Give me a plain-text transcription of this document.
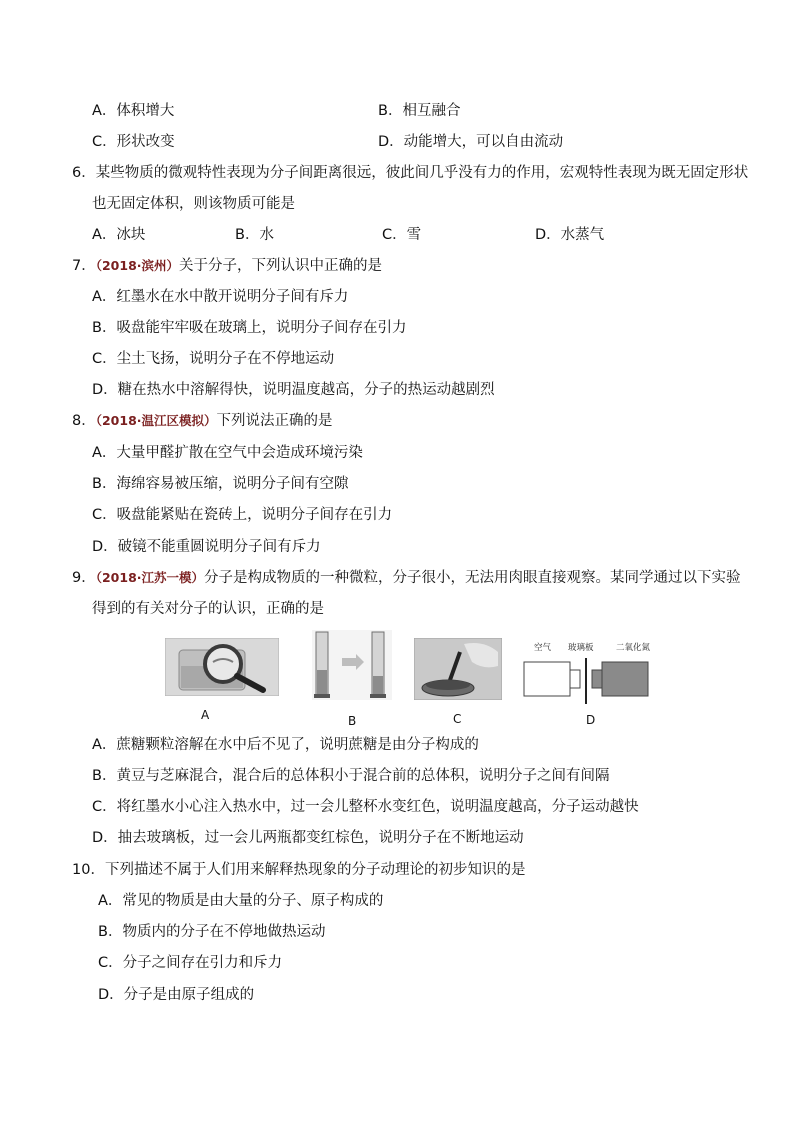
A．体积增大	B．相互融合
C．形状改变	D．动能增大，可以自由流动
6．某些物质的微观特性表现为分子间距离很远，彼此间几乎没有力的作用，宏观特性表现为既无固定形状
也无固定体积，则该物质可能是
A．冰块	B．水	C．雪	D．水蒸气
7．（2018·滨州）关于分子，下列认识中正确的是
A．红墨水在水中散开说明分子间有斥力
B．吸盘能牢牢吸在玻璃上，说明分子间存在引力
C．尘土飞扬，说明分子在不停地运动
D．糖在热水中溶解得快，说明温度越高，分子的热运动越剧烈
8．（2018·温江区模拟）下列说法正确的是
A．大量甲醛扩散在空气中会造成环境污染
B．海绵容易被压缩，说明分子间有空隙
C．吸盘能紧贴在瓷砖上，说明分子间存在引力
D．破镜不能重圆说明分子间有斥力
9．（2018·江苏一模）分子是构成物质的一种微粒，分子很小，无法用肉眼直接观察。某同学通过以下实验
得到的有关对分子的认识，正确的是
A	B	C
空气 玻璃板	二氧化氮
D
A．蔗糖颗粒溶解在水中后不见了，说明蔗糖是由分子构成的
B．黄豆与芝麻混合，混合后的总体积小于混合前的总体积，说明分子之间有间隔
C．将红墨水小心注入热水中，过一会儿整杯水变红色，说明温度越高，分子运动越快
D．抽去玻璃板，过一会儿两瓶都变红棕色，说明分子在不断地运动
10．下列描述不属于人们用来解释热现象的分子动理论的初步知识的是
A．常见的物质是由大量的分子、原子构成的
B．物质内的分子在不停地做热运动
C．分子之间存在引力和斥力
D．分子是由原子组成的
